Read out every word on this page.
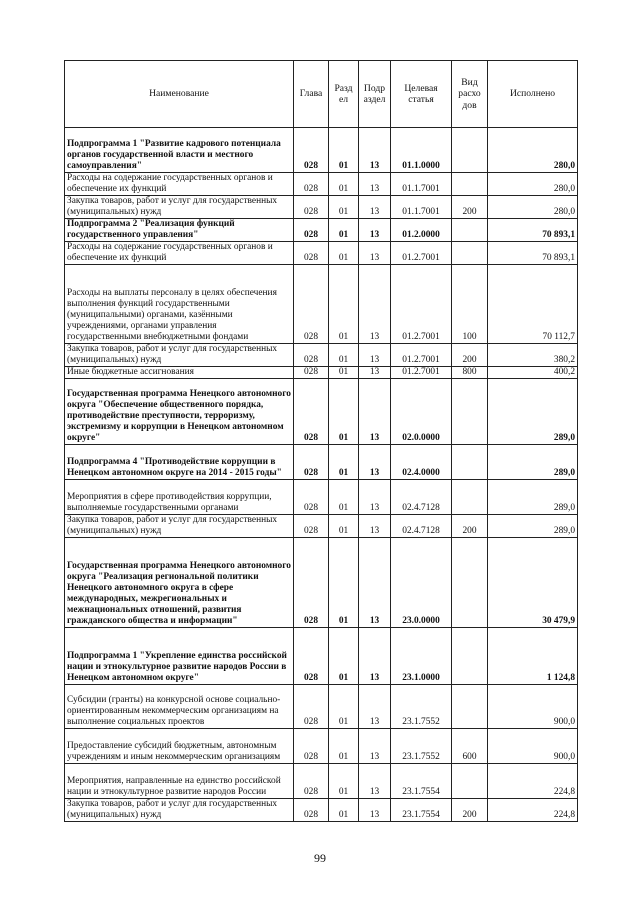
Наименование	Глава	Разд ел	Подр аздел	Целевая статья	Вид расхо дов	Исполнено
Подпрограмма 1 "Развитие кадрового потенциала органов государственной власти и местного самоуправления"	028	01	13	01.1.0000		280,0
Расходы на содержание государственных органов и обеспечение их функций	028	01	13	01.1.7001		280,0
Закупка товаров, работ и услуг для государственных (муниципальных) нужд	028	01	13	01.1.7001	200	280,0
Подпрограмма 2 "Реализация функций государственного управления"	028	01	13	01.2.0000		70 893,1
Расходы на содержание государственных органов и обеспечение их функций	028	01	13	01.2.7001		70 893,1
Расходы на выплаты персоналу в целях обеспечения выполнения функций государственными (муниципальными) органами, казёнными учреждениями, органами управления государственными внебюджетными фондами	028	01	13	01.2.7001	100	70 112,7
Закупка товаров, работ и услуг для государственных (муниципальных) нужд	028	01	13	01.2.7001	200	380,2
Иные бюджетные ассигнования	028	01	13	01.2.7001	800	400,2
Государственная программа Ненецкого автономного округа "Обеспечение общественного порядка, противодействие преступности, терроризму, экстремизму и коррупции в Ненецком автономном округе"	028	01	13	02.0.0000		289,0
Подпрограмма 4 "Противодействие коррупции в Ненецком автономном округе на 2014 - 2015 годы"	028	01	13	02.4.0000		289,0
Мероприятия в сфере противодействия коррупции, выполняемые государственными органами	028	01	13	02.4.7128		289,0
Закупка товаров, работ и услуг для государственных (муниципальных) нужд	028	01	13	02.4.7128	200	289,0
Государственная программа Ненецкого автономного округа "Реализация региональной политики Ненецкого автономного округа в сфере международных, межрегиональных и межнациональных отношений, развития гражданского общества и информации"	028	01	13	23.0.0000		30 479,9
Подпрограмма 1 "Укрепление единства российской нации и этнокультурное развитие народов России в Ненецком автономном округе"	028	01	13	23.1.0000		1 124,8
Субсидии (гранты) на конкурсной основе социально-ориентированным некоммерческим организациям на выполнение социальных проектов	028	01	13	23.1.7552		900,0
Предоставление субсидий бюджетным, автономным учреждениям и иным некоммерческим организациям	028	01	13	23.1.7552	600	900,0
Мероприятия, направленные на единство российской нации и этнокультурное развитие народов России	028	01	13	23.1.7554		224,8
Закупка товаров, работ и услуг для государственных (муниципальных) нужд	028	01	13	23.1.7554	200	224,8
99
